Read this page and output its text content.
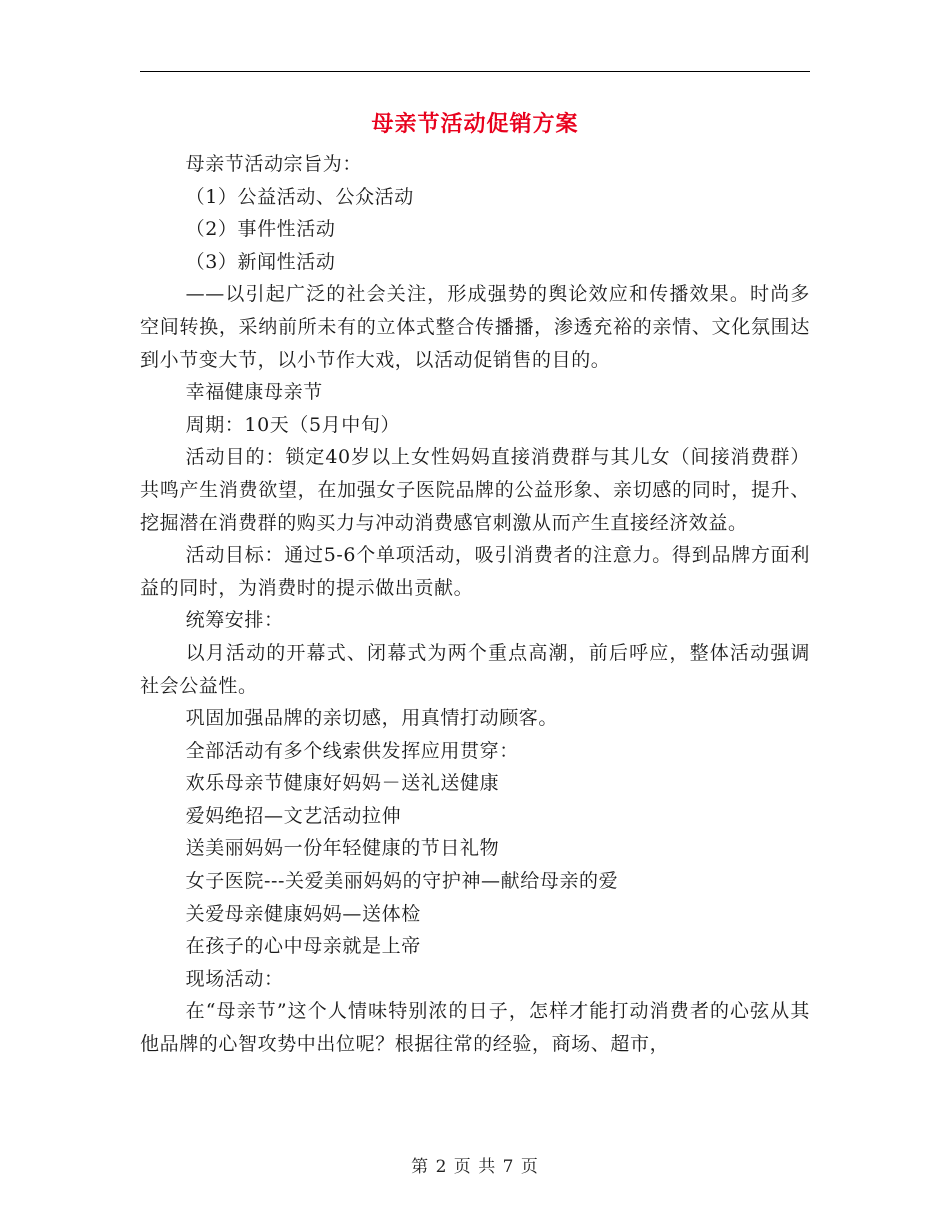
母亲节活动促销方案

母亲节活动宗旨为：

（1）公益活动、公众活动

（2）事件性活动

（3）新闻性活动

——以引起广泛的社会关注，形成强势的舆论效应和传播效果。时尚多空间转换，采纳前所未有的立体式整合传播播，渗透充裕的亲情、文化氛围达到小节变大节，以小节作大戏，以活动促销售的目的。

幸福健康母亲节

周期：10天（5月中旬）

活动目的：锁定40岁以上女性妈妈直接消费群与其儿女（间接消费群）共鸣产生消费欲望，在加强女子医院品牌的公益形象、亲切感的同时，提升、挖掘潜在消费群的购买力与冲动消费感官刺激从而产生直接经济效益。

活动目标：通过5-6个单项活动，吸引消费者的注意力。得到品牌方面利益的同时，为消费时的提示做出贡献。

统筹安排：

以月活动的开幕式、闭幕式为两个重点高潮，前后呼应，整体活动强调社会公益性。

巩固加强品牌的亲切感，用真情打动顾客。

全部活动有多个线索供发挥应用贯穿：

欢乐母亲节健康好妈妈－送礼送健康

爱妈绝招—文艺活动拉伸

送美丽妈妈一份年轻健康的节日礼物

女子医院---关爱美丽妈妈的守护神—献给母亲的爱

关爱母亲健康妈妈—送体检

在孩子的心中母亲就是上帝

现场活动：

在“母亲节”这个人情味特别浓的日子，怎样才能打动消费者的心弦从其他品牌的心智攻势中出位呢？根据往常的经验，商场、超市，

第 2 页 共 7 页
